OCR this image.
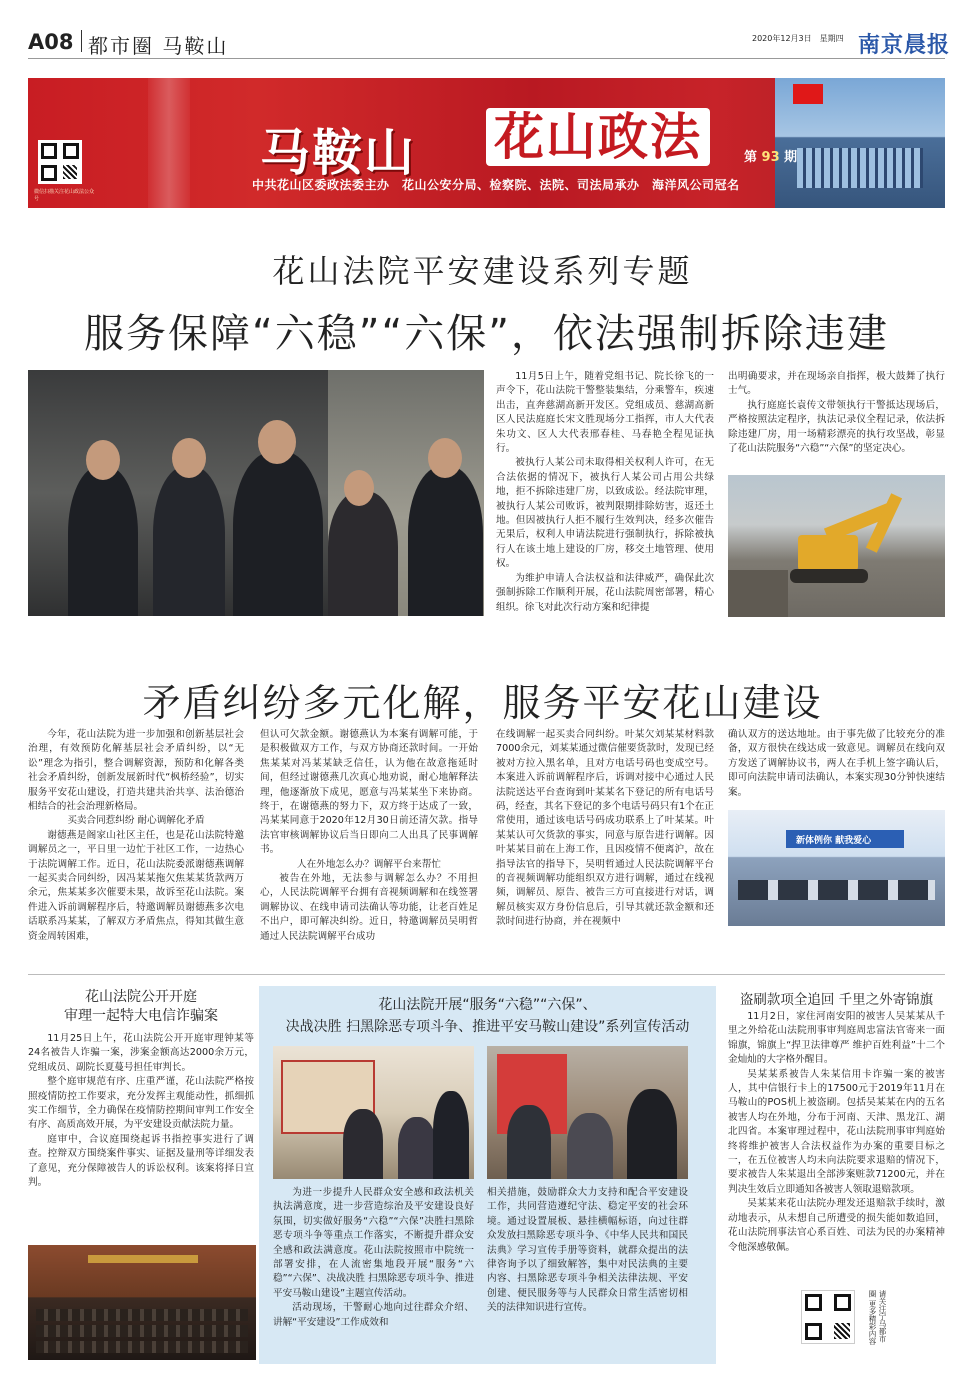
A08 都市圈 马鞍山	2020年12月3日　星期四 南京晨报
微信扫描关注花山政法公众号
马鞍山 花山政法	第 93 期
中共花山区委政法委主办　花山公安分局、检察院、法院、司法局承办　海洋风公司冠名
花山法院平安建设系列专题
服务保障“六稳”“六保”，依法强制拆除违建

11月5日上午，随着党组书记、院长徐飞的一声令下，花山法院干警整装集结，分乘警车，疾速出击，直奔慈湖高新开发区。党组成员、慈湖高新区人民法庭庭长宋文胜现场分工指挥，市人大代表朱功文、区人大代表邢春桂、马春艳全程见证执行。

被执行人某公司未取得相关权利人许可，在无合法依据的情况下，被执行人某公司占用公共绿地，拒不拆除违建厂房，以致成讼。经法院审理，被执行人某公司败诉，被判限期排除妨害，返还土地。但因被执行人拒不履行生效判决，经多次催告无果后，权利人申请法院进行强制执行，拆除被执行人在该土地上建设的厂房，移交土地管理、使用权。

为维护申请人合法权益和法律威严，确保此次强制拆除工作顺利开展，花山法院周密部署，精心组织。徐飞对此次行动方案和纪律提

出明确要求，并在现场亲自指挥，极大鼓舞了执行士气。

执行庭庭长袁传文带领执行干警抵达现场后，严格按照法定程序，执法记录仪全程记录，依法拆除违建厂房，用一场精彩漂亮的执行攻坚战，彰显了花山法院服务“六稳”“六保”的坚定决心。

矛盾纠纷多元化解，服务平安花山建设

今年，花山法院为进一步加强和创新基层社会治理，有效预防化解基层社会矛盾纠纷，以“无讼”理念为指引，整合调解资源，预防和化解各类社会矛盾纠纷，创新发展新时代“枫桥经验”，切实服务平安花山建设，打造共建共治共享、法治德治相结合的社会治理新格局。

买卖合同惹纠纷 耐心调解化矛盾

谢德燕是阁家山社区主任，也是花山法院特邀调解员之一，平日里一边忙于社区工作，一边热心于法院调解工作。近日，花山法院委派谢德燕调解一起买卖合同纠纷，因冯某某拖欠焦某某货款两万余元，焦某某多次催要未果，故诉至花山法院。案件进入诉前调解程序后，特邀调解员谢德燕多次电话联系冯某某，了解双方矛盾焦点，得知其做生意资金周转困难，

但认可欠款金额。谢德燕认为本案有调解可能，于是积极做双方工作，与双方协商还款时间。一开始焦某某对冯某某缺乏信任，认为他在故意拖延时间，但经过谢德燕几次真心地劝说，耐心地解释法理，他逐渐放下成见，愿意与冯某某坐下来协商。终于，在谢德燕的努力下，双方终于达成了一致，冯某某同意于2020年12月30日前还清欠款。指导法官审核调解协议后当日即向二人出具了民事调解书。

人在外地怎么办？调解平台来帮忙

被告在外地，无法参与调解怎么办？不用担心，人民法院调解平台拥有音视频调解和在线签署调解协议、在线申请司法确认等功能，让老百姓足不出户，即可解决纠纷。近日，特邀调解员吴明哲通过人民法院调解平台成功

在线调解一起买卖合同纠纷。叶某欠刘某某材料款7000余元，刘某某通过微信催要货款时，发现已经被对方拉入黑名单，且对方电话号码也变成空号。本案进入诉前调解程序后，诉调对接中心通过人民法院送达平台查询到叶某某名下登记的所有电话号码，经查，其名下登记的多个电话号码只有1个在正常使用，通过该电话号码成功联系上了叶某某。叶某某认可欠货款的事实，同意与原告进行调解。因叶某某目前在上海工作，且因疫情不便离沪，故在指导法官的指导下，吴明哲通过人民法院调解平台的音视频调解功能组织双方进行调解，通过在线视频，调解员、原告、被告三方可直接进行对话，调解员核实双方身份信息后，引导其就还款金额和还款时间进行协商，并在视频中

确认双方的送达地址。由于事先做了比较充分的准备，双方很快在线达成一致意见。调解员在线向双方发送了调解协议书，两人在手机上签字确认后，即可向法院申请司法确认，本案实现30分钟快速结案。

新体例你 献我爱心
花山法院公开开庭
审理一起特大电信诈骗案

11月25日上午，花山法院公开开庭审理钟某等24名被告人诈骗一案，涉案金额高达2000余万元，党组成员、副院长夏蔓号担任审判长。

整个庭审规范有序、庄重严谨，花山法院严格按照疫情防控工作要求，充分发挥主观能动性，抓细抓实工作细节，全力确保在疫情防控期间审判工作安全有序、高质高效开展，为平安建设贡献法院力量。

庭审中，合议庭围绕起诉书指控事实进行了调查。控辩双方围绕案件事实、证据及量刑等详细发表了意见，充分保障被告人的诉讼权利。该案将择日宣判。

花山法院开展“服务“六稳”“六保”、
决战决胜 扫黑除恶专项斗争、推进平安马鞍山建设”系列宣传活动

为进一步提升人民群众安全感和政法机关执法满意度，进一步营造综治及平安建设良好氛围，切实做好服务“六稳”“六保”决胜扫黑除恶专项斗争等重点工作落实，不断提升群众安全感和政法满意度。花山法院按照市中院统一部署安排，在人流密集地段开展“服务“六稳”“六保”、决战决胜 扫黑除恶专项斗争、推进平安马鞍山建设”主题宣传活动。

活动现场，干警耐心地向过往群众介绍、讲解“平安建设”工作成效和

相关措施，鼓励群众大力支持和配合平安建设工作，共同营造遵纪守法、稳定平安的社会环境。通过设置展板、悬挂横幅标语，向过往群众发放扫黑除恶专项斗争、《中华人民共和国民法典》学习宣传手册等资料，就群众提出的法律咨询予以了细致解答，集中对民法典的主要内容、扫黑除恶专项斗争相关法律法规、平安创建、便民服务等与人民群众日常生活密切相关的法律知识进行宣传。

盗刷款项全追回 千里之外寄锦旗

11月2日，家住河南安阳的被害人吴某某从千里之外给花山法院刑事审判庭周忠富法官寄来一面锦旗，锦旗上“捍卫法律尊严 维护百姓利益”十二个金灿灿的大字格外醒目。

吴某某系被告人朱某信用卡诈骗一案的被害人，其中信银行卡上的17500元于2019年11月在马鞍山的POS机上被盗刷。包括吴某某在内的五名被害人均在外地，分布于河南、天津、黑龙江、湖北四省。本案审理过程中，花山法院刑事审判庭始终将维护被害人合法权益作为办案的重要目标之一，在五位被害人均未向法院要求退赔的情况下，要求被告人朱某退出全部涉案赃款71200元，并在判决生效后立即通知各被害人领取退赔款项。

吴某某来花山法院办理发还退赔款手续时，激动地表示，从未想自己所遭受的损失能如数追回，花山法院刑事法官心系百姓、司法为民的办案精神令他深感敬佩。

请关注宁马都市圈 更多精彩内容
